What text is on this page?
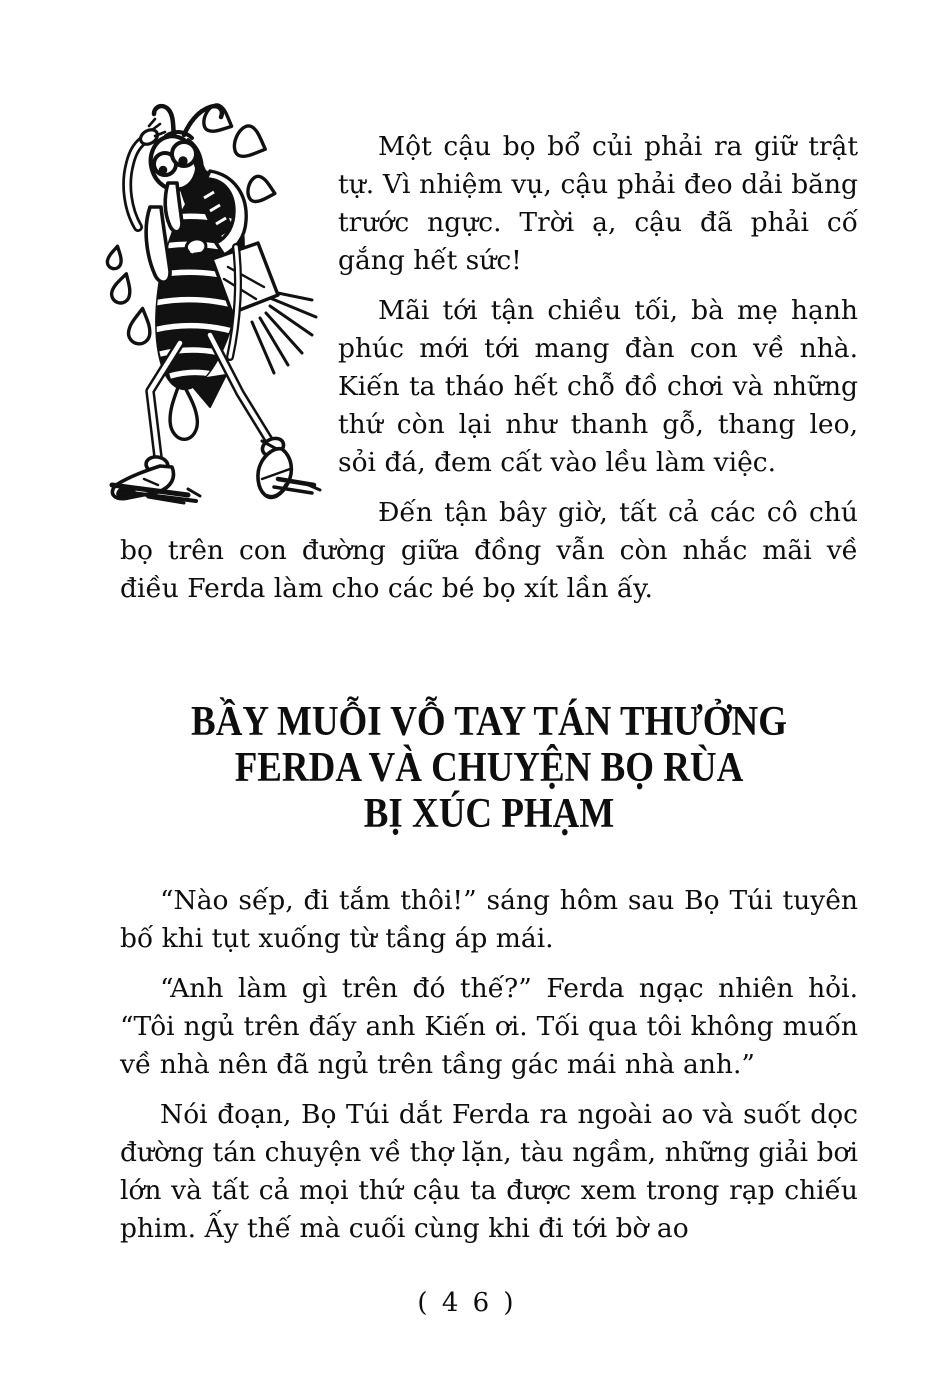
Một cậu bọ bổ củi phải ra giữ trật tự. Vì nhiệm vụ, cậu phải đeo dải băng trước ngực. Trời ạ, cậu đã phải cố gắng hết sức!

Mãi tới tận chiều tối, bà mẹ hạnh phúc mới tới mang đàn con về nhà. Kiến ta tháo hết chỗ đồ chơi và những thứ còn lại như thanh gỗ, thang leo, sỏi đá, đem cất vào lều làm việc.

Đến tận bây giờ, tất cả các cô chú bọ trên con đường giữa đồng vẫn còn nhắc mãi về điều Ferda làm cho các bé bọ xít lần ấy.

BẦY MUỖI VỖ TAY TÁN THƯỞNG
FERDA VÀ CHUYỆN BỌ RÙA
BỊ XÚC PHẠM

“Nào sếp, đi tắm thôi!” sáng hôm sau Bọ Túi tuyên bố khi tụt xuống từ tầng áp mái.

“Anh làm gì trên đó thế?” Ferda ngạc nhiên hỏi. “Tôi ngủ trên đấy anh Kiến ơi. Tối qua tôi không muốn về nhà nên đã ngủ trên tầng gác mái nhà anh.”

Nói đoạn, Bọ Túi dắt Ferda ra ngoài ao và suốt dọc đường tán chuyện về thợ lặn, tàu ngầm, những giải bơi lớn và tất cả mọi thứ cậu ta được xem trong rạp chiếu phim. Ấy thế mà cuối cùng khi đi tới bờ ao

( 4 6 )
